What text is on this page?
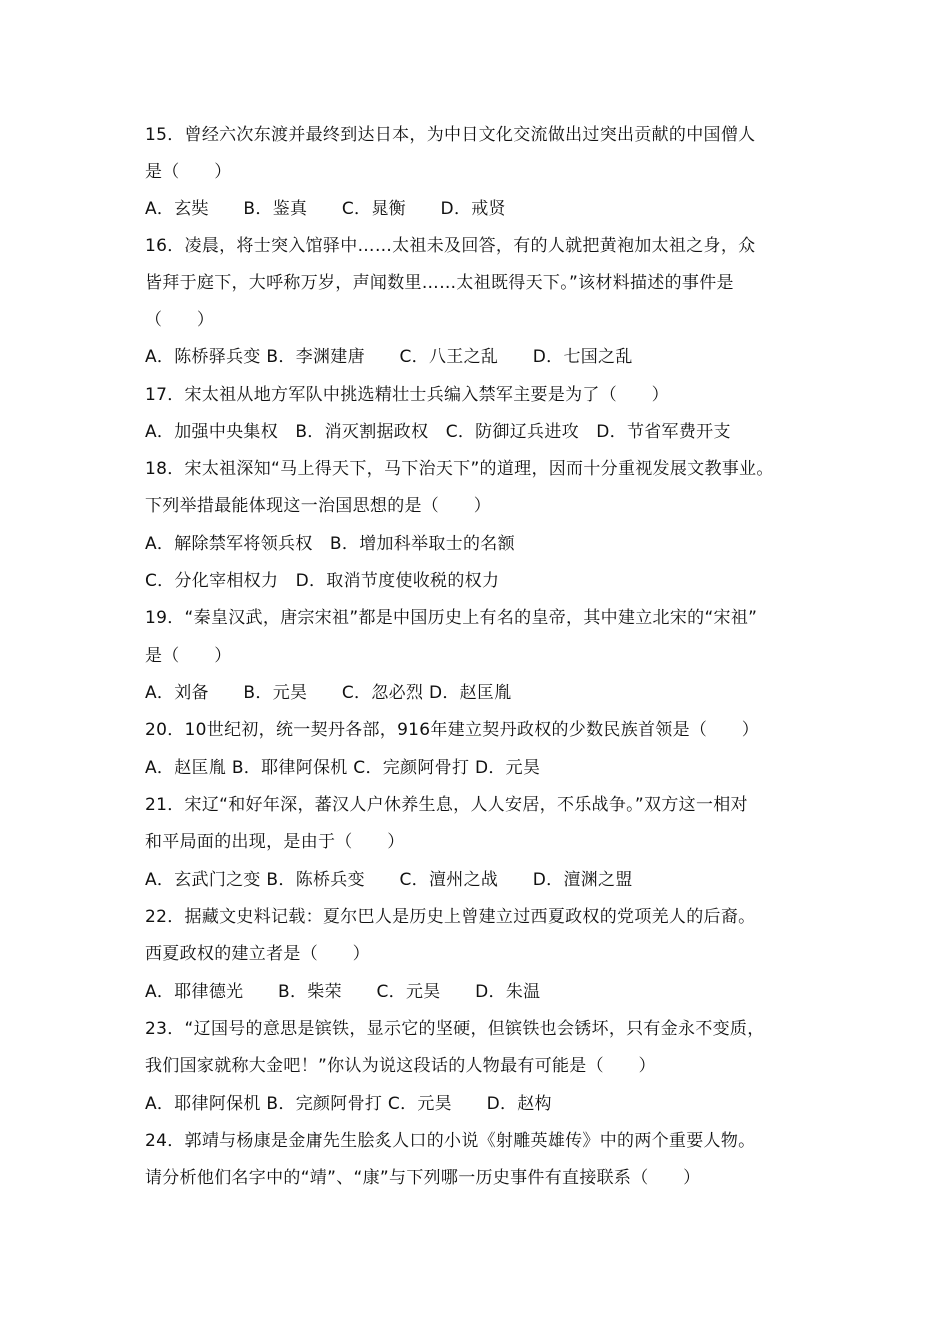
15．曾经六次东渡并最终到达日本，为中日文化交流做出过突出贡献的中国僧人
是（　　）
A．玄奘　　B．鉴真　　C．晁衡　　D．戒贤
16．凌晨，将士突入馆驿中……太祖未及回答，有的人就把黄袍加太祖之身，众
皆拜于庭下，大呼称万岁，声闻数里……太祖既得天下。”该材料描述的事件是
（　　）
A．陈桥驿兵变 B．李渊建唐　　C．八王之乱　　D．七国之乱
17．宋太祖从地方军队中挑选精壮士兵编入禁军主要是为了（　　）
A．加强中央集权　B．消灭割据政权　C．防御辽兵进攻　D．节省军费开支
18．宋太祖深知“马上得天下，马下治天下”的道理，因而十分重视发展文教事业。
下列举措最能体现这一治国思想的是（　　）
A．解除禁军将领兵权　B．增加科举取士的名额
C．分化宰相权力　D．取消节度使收税的权力
19．“秦皇汉武，唐宗宋祖”都是中国历史上有名的皇帝，其中建立北宋的“宋祖”
是（　　）
A．刘备　　B．元昊　　C．忽必烈 D．赵匡胤
20．10世纪初，统一契丹各部，916年建立契丹政权的少数民族首领是（　　）
A．赵匡胤 B．耶律阿保机 C．完颜阿骨打 D．元昊
21．宋辽“和好年深，蕃汉人户休养生息，人人安居，不乐战争。”双方这一相对
和平局面的出现，是由于（　　）
A．玄武门之变 B．陈桥兵变　　C．澶州之战　　D．澶渊之盟
22．据藏文史料记载：夏尔巴人是历史上曾建立过西夏政权的党项羌人的后裔。
西夏政权的建立者是（　　）
A．耶律德光　　B．柴荣　　C．元昊　　D．朱温
23．“辽国号的意思是镔铁，显示它的坚硬，但镔铁也会锈坏，只有金永不变质，
我们国家就称大金吧！”你认为说这段话的人物最有可能是（　　）
A．耶律阿保机 B．完颜阿骨打 C．元昊　　D．赵构
24．郭靖与杨康是金庸先生脍炙人口的小说《射雕英雄传》中的两个重要人物。
请分析他们名字中的“靖”、“康”与下列哪一历史事件有直接联系（　　）
